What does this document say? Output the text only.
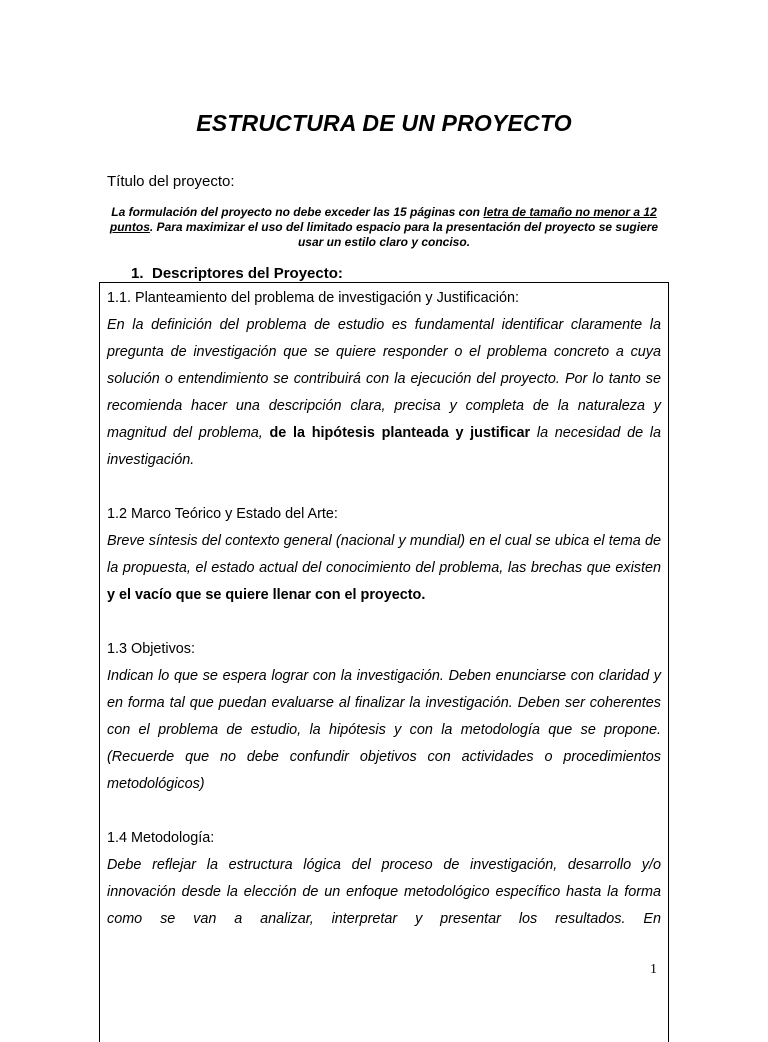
ESTRUCTURA DE UN PROYECTO

Título del proyecto:

La formulación del proyecto no debe exceder las 15 páginas con letra de tamaño no menor a 12 puntos. Para maximizar el uso del limitado espacio para la presentación del proyecto se sugiere usar un estilo claro y conciso.

1. Descriptores del Proyecto:

1.1. Planteamiento del problema de investigación y Justificación:

En la definición del problema de estudio es fundamental identificar claramente la pregunta de investigación que se quiere responder o el problema concreto a cuya solución o entendimiento se contribuirá con la ejecución del proyecto. Por lo tanto se recomienda hacer una descripción clara, precisa y completa de la naturaleza y magnitud del problema, de la hipótesis planteada y justificar la necesidad de la investigación.

1.2 Marco Teórico y Estado del Arte:

Breve síntesis del contexto general (nacional y mundial) en el cual se ubica el tema de la propuesta, el estado actual del conocimiento del problema, las brechas que existen y el vacío que se quiere llenar con el proyecto.

1.3 Objetivos:

Indican lo que se espera lograr con la investigación. Deben enunciarse con claridad y en forma tal que puedan evaluarse al finalizar la investigación. Deben ser coherentes con el problema de estudio, la hipótesis y con la metodología que se propone. (Recuerde que no debe confundir objetivos con actividades o procedimientos metodológicos)

1.4 Metodología:

Debe reflejar la estructura lógica del proceso de investigación, desarrollo y/o innovación desde la elección de un enfoque metodológico específico hasta la forma como se van a analizar, interpretar y presentar los resultados. En

1
